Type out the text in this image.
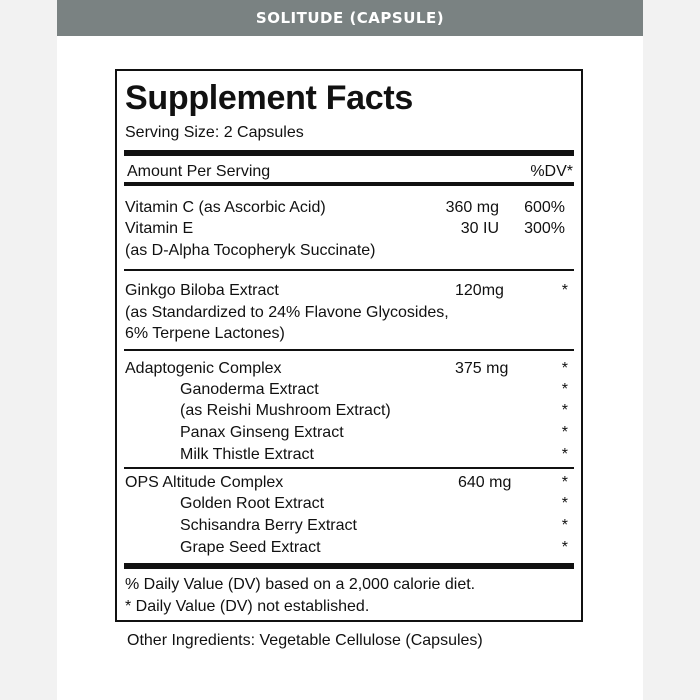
SOLITUDE (CAPSULE)
Supplement Facts
Serving Size: 2 Capsules
Amount Per Serving	%DV*
Vitamin C (as Ascorbic Acid)	360 mg	600%
Vitamin E	30 IU	300%
(as D-Alpha Tocopheryk Succinate)
Ginkgo Biloba Extract	120mg	*
(as Standardized to 24% Flavone Glycosides,
6% Terpene Lactones)
Adaptogenic Complex	375 mg	*
Ganoderma Extract	*
(as Reishi Mushroom Extract)	*
Panax Ginseng Extract	*
Milk Thistle Extract	*
OPS Altitude Complex	640 mg	*
Golden Root Extract	*
Schisandra Berry Extract	*
Grape Seed Extract	*
% Daily Value (DV) based on a 2,000 calorie diet.
* Daily Value (DV) not established.
Other Ingredients: Vegetable Cellulose (Capsules)
